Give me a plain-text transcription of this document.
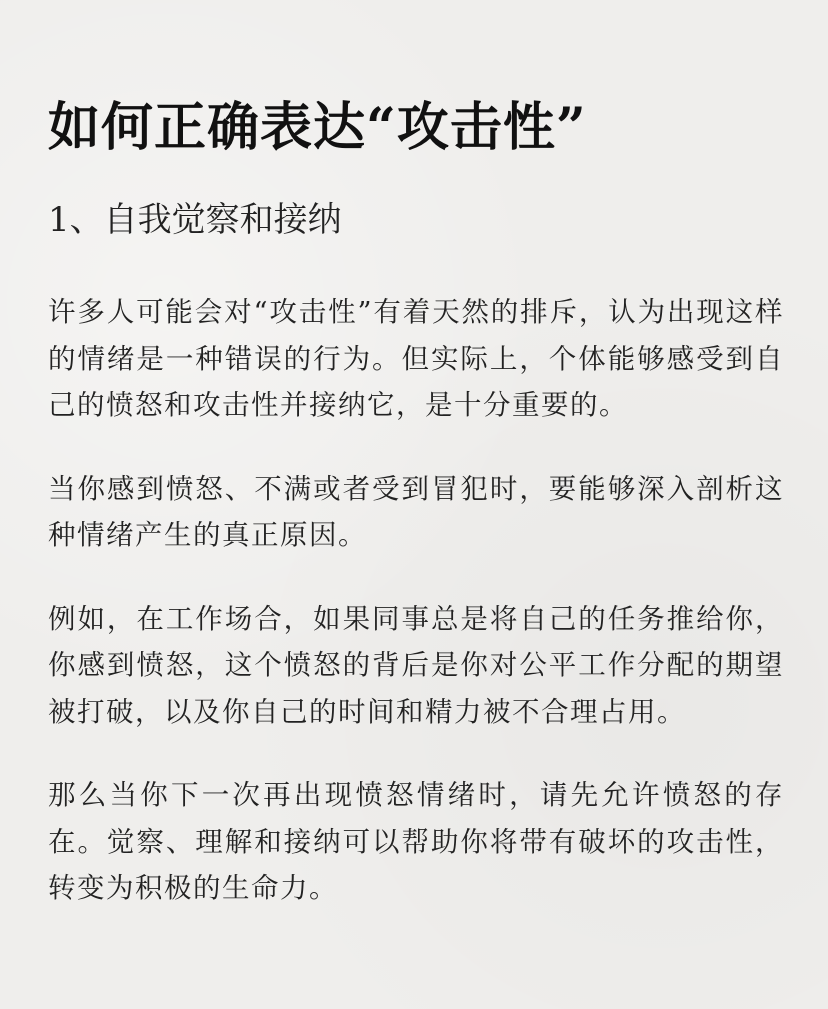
如何正确表达“攻击性”
1、自我觉察和接纳

许多人可能会对“攻击性”有着天然的排斥，认为出现这样的情绪是一种错误的行为。但实际上，个体能够感受到自己的愤怒和攻击性并接纳它，是十分重要的。

当你感到愤怒、不满或者受到冒犯时，要能够深入剖析这种情绪产生的真正原因。

例如，在工作场合，如果同事总是将自己的任务推给你，你感到愤怒，这个愤怒的背后是你对公平工作分配的期望被打破，以及你自己的时间和精力被不合理占用。

那么当你下一次再出现愤怒情绪时，请先允许愤怒的存在。觉察、理解和接纳可以帮助你将带有破坏的攻击性，转变为积极的生命力。
